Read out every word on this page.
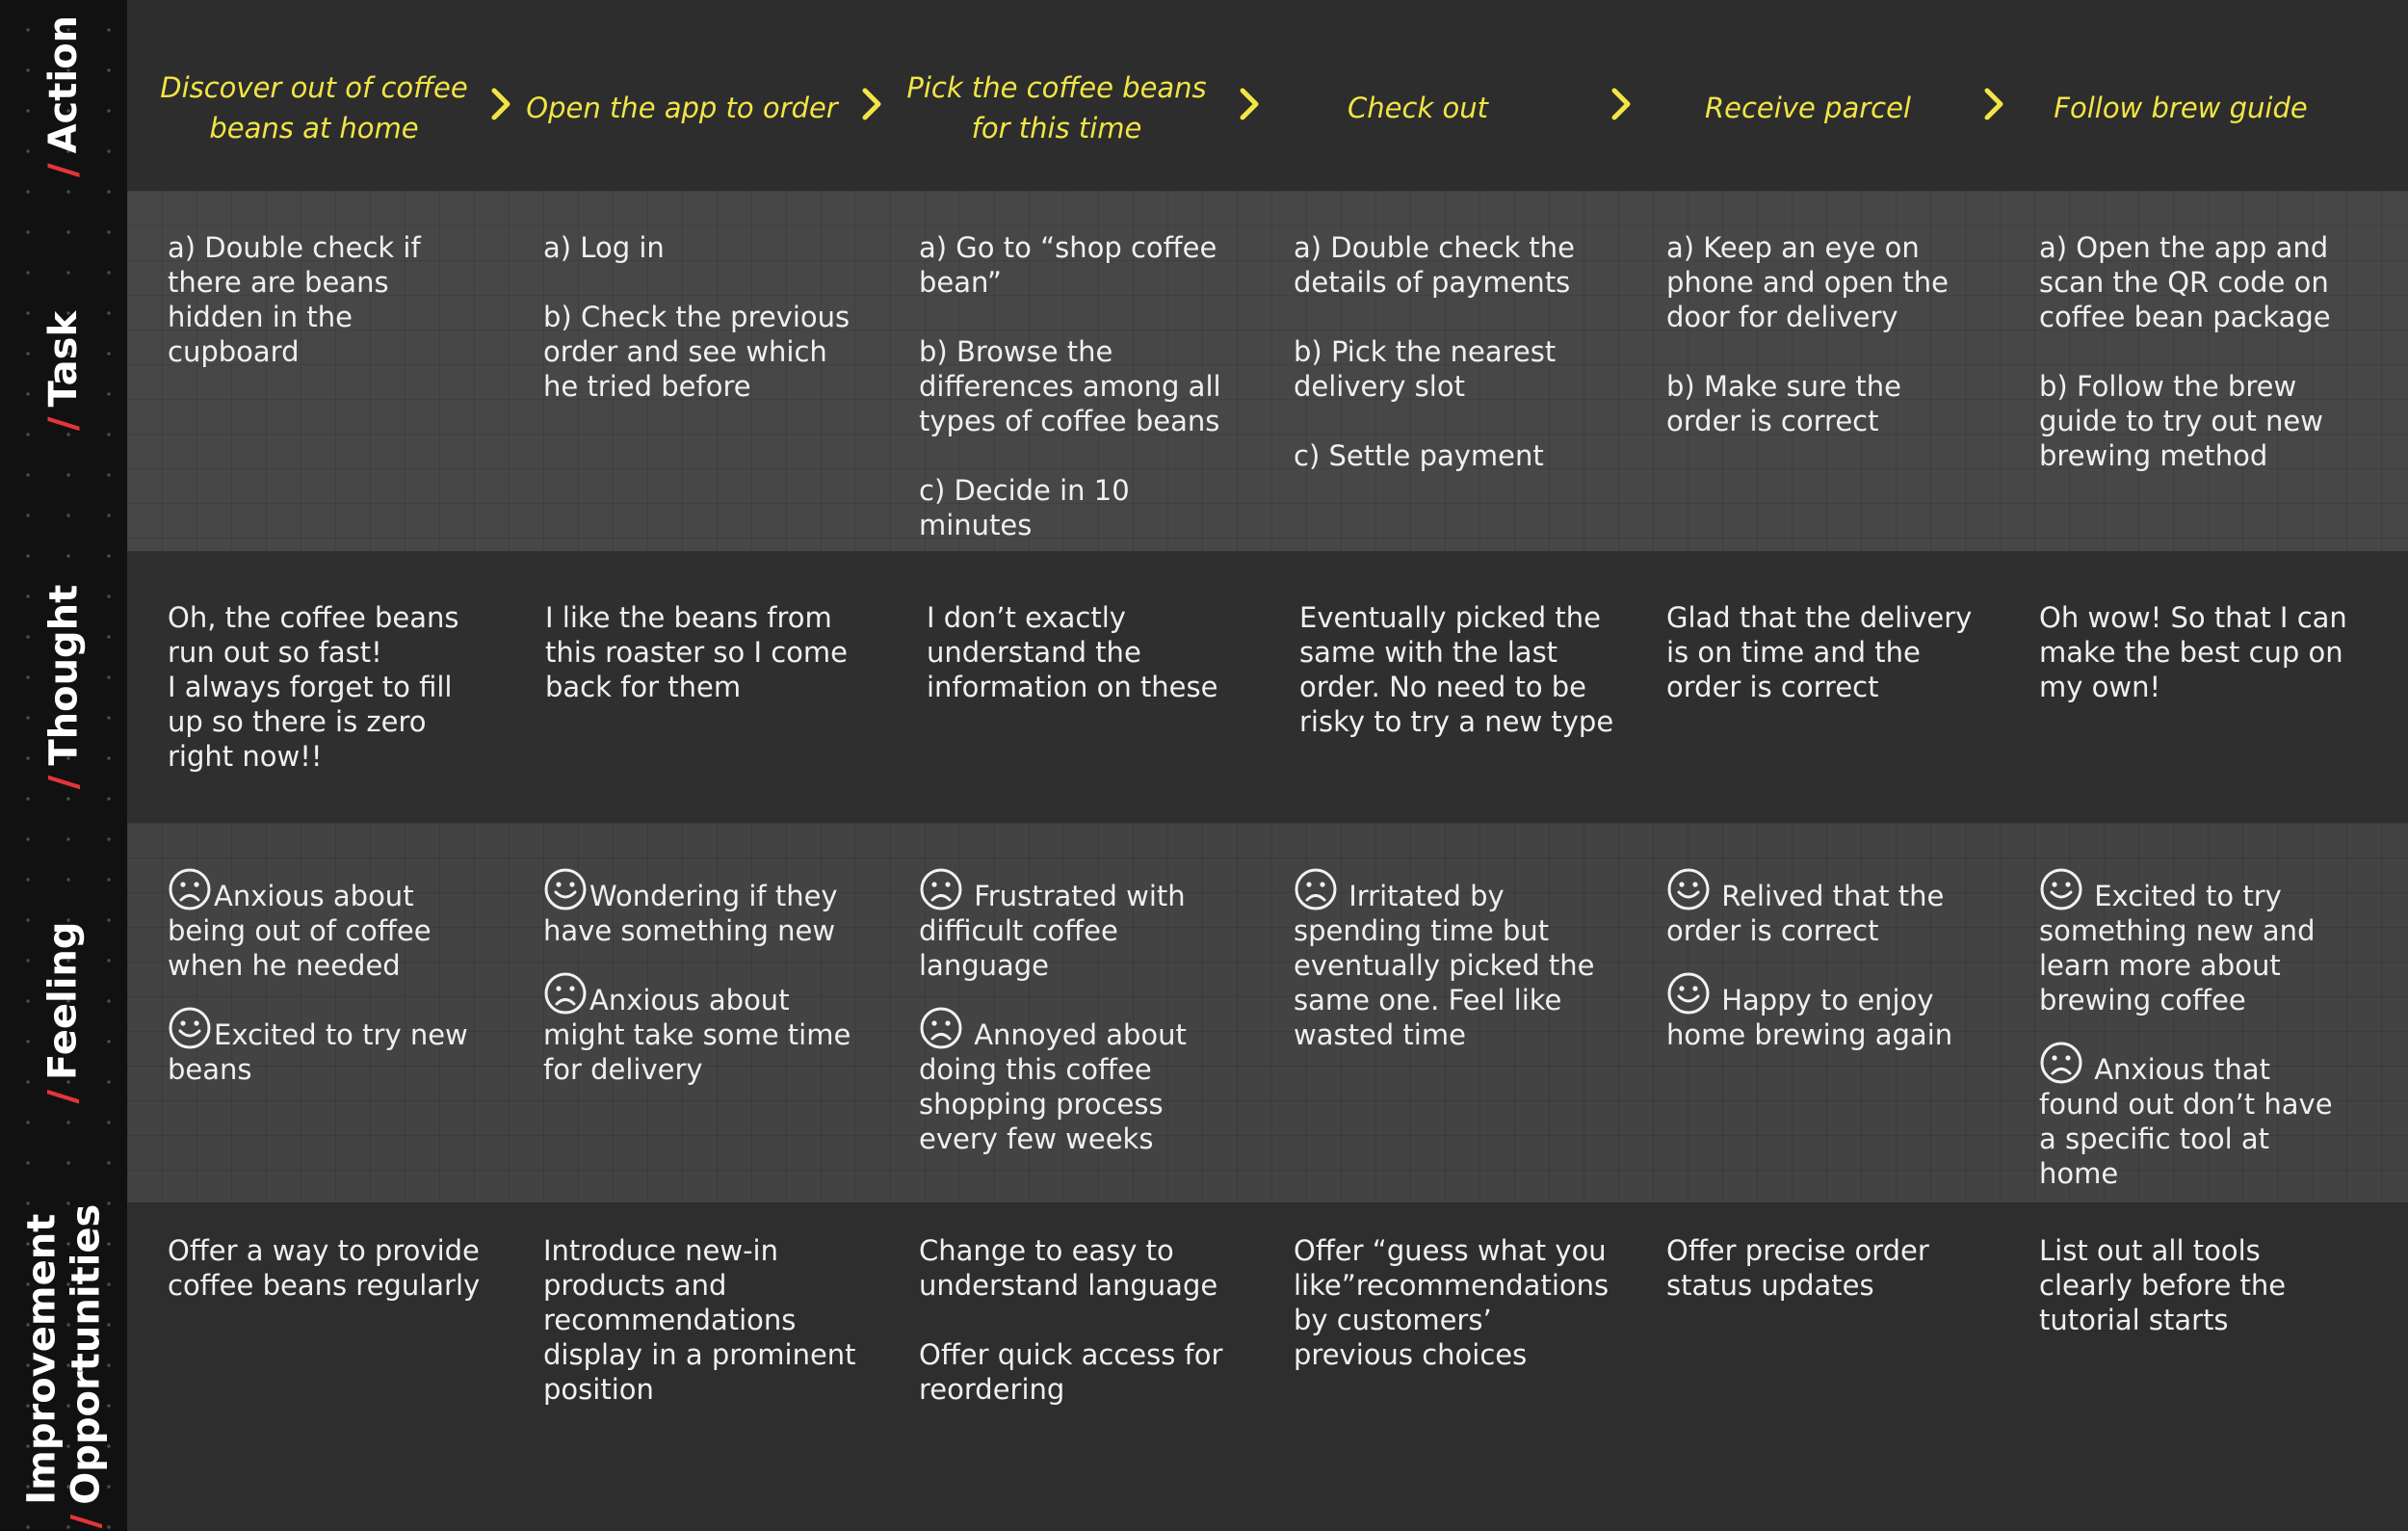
/Action
/Task
/Thought
/Feeling
/
Improvement Opportunities
Discover out of coffee beans at home
Open the app to order
Pick the coffee beans for this time
Check out	Receive parcel	Follow brew guide
a) Double check if there are beans hidden in the cupboard
a) Log in
b) Check the previous order and see which he tried before
a) Go to “shop coffee bean”
b) Browse the differences among all types of coffee beans
c) Decide in 10 minutes
a) Double check the details of payments
b) Pick the nearest delivery slot
c) Settle payment
a) Keep an eye on phone and open the door for delivery
b) Make sure the order is correct
a) Open the app and scan the QR code on coffee bean package
b) Follow the brew guide to try out new brewing method
Oh, the coffee beans run out so fast!
I always forget to fill up so there is zero right now!!
I like the beans from this roaster so I come back for them
I don’t exactly understand the information on these
Eventually picked the same with the last order. No need to be risky to try a new type
Glad that the delivery is on time and the order is correct
Oh wow! So that I can make the best cup on my own!
Anxious about being out of coffee when he needed
Excited to try new beans
Wondering if they have something new
Anxious about might take some time for delivery
Frustrated with difficult coffee language
Annoyed about doing this coffee shopping process every few weeks
Irritated by spending time but eventually picked the same one. Feel like wasted time
Relived that the order is correct
Happy to enjoy home brewing again
Excited to try something new and learn more about brewing coffee
Anxious that found out don’t have a specific tool at home
Offer a way to provide coffee beans regularly
Introduce new-in products and recommendations display in a prominent position
Change to easy to understand language
Offer quick access for reordering
Offer “guess what you like”recommendations by customers’ previous choices
Offer precise order status updates
List out all tools clearly before the tutorial starts
